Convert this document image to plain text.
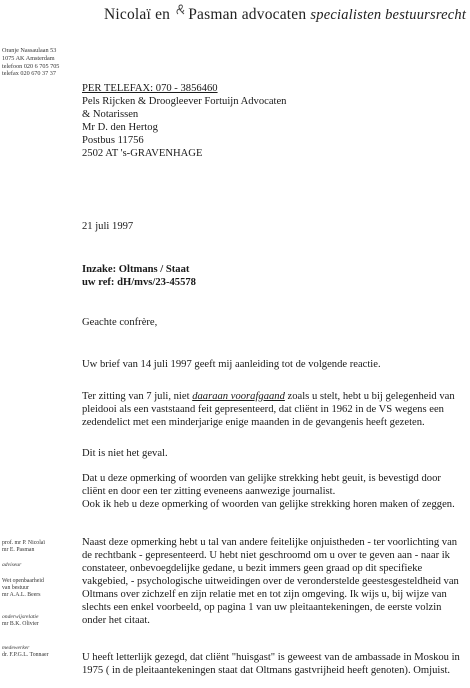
Nicolaï en Pasman advocaten specialisten bestuursrecht
Oranje Nassaulaan 53
1075 AK Amsterdam
telefoon 020 6 705 705
telefax 020 670 37 37
prof. mr P. Nicolaï
mr E. Pasman
adviseur
Wet openbaarheid
van bestuur
mr A.A.L. Beers
onderwijsrelatie
mr B.K. Olivier
medewerker
dr. F.P.G.L. Tonnaer
PER TELEFAX: 070 - 3856460
Pels Rijcken & Droogleever Fortuijn Advocaten
& Notarissen
Mr D. den Hertog
Postbus 11756
2502 AT 's-GRAVENHAGE
21 juli 1997
Inzake: Oltmans / Staat
uw ref: dH/mvs/23-45578
Geachte confrère,

Uw brief van 14 juli 1997 geeft mij aanleiding tot de volgende reactie.

Ter zitting van 7 juli, niet daaraan voorafgaand zoals u stelt, hebt u bij gelegenheid van pleidooi als een vaststaand feit gepresenteerd, dat cliënt in 1962 in de VS wegens een zedendelict met een minderjarige enige maanden in de gevangenis heeft gezeten.

Dit is niet het geval.

Dat u deze opmerking of woorden van gelijke strekking hebt geuit, is bevestigd door cliënt en door een ter zitting eveneens aanwezige journalist.
Ook ik heb u deze opmerking of woorden van gelijke strekking horen maken of zeggen.

Naast deze opmerking hebt u tal van andere feitelijke onjuistheden - ter voorlichting van de rechtbank - gepresenteerd. U hebt niet geschroomd om u over te geven aan - naar ik constateer, onbevoegdelijke gedane, u bezit immers geen graad op dit specifieke vakgebied, - psychologische uitweidingen over de veronderstelde geestesgesteldheid van Oltmans over zichzelf en zijn relatie met en tot zijn omgeving. Ik wijs u, bij wijze van slechts een enkel voorbeeld, op pagina 1 van uw pleitaantekeningen, de eerste volzin onder het citaat.

U heeft letterlijk gezegd, dat cliënt "huisgast" is geweest van de ambassade in Moskou in 1975 ( in de pleitaantekeningen staat dat Oltmans gastvrijheid heeft genoten). Omjuist.
